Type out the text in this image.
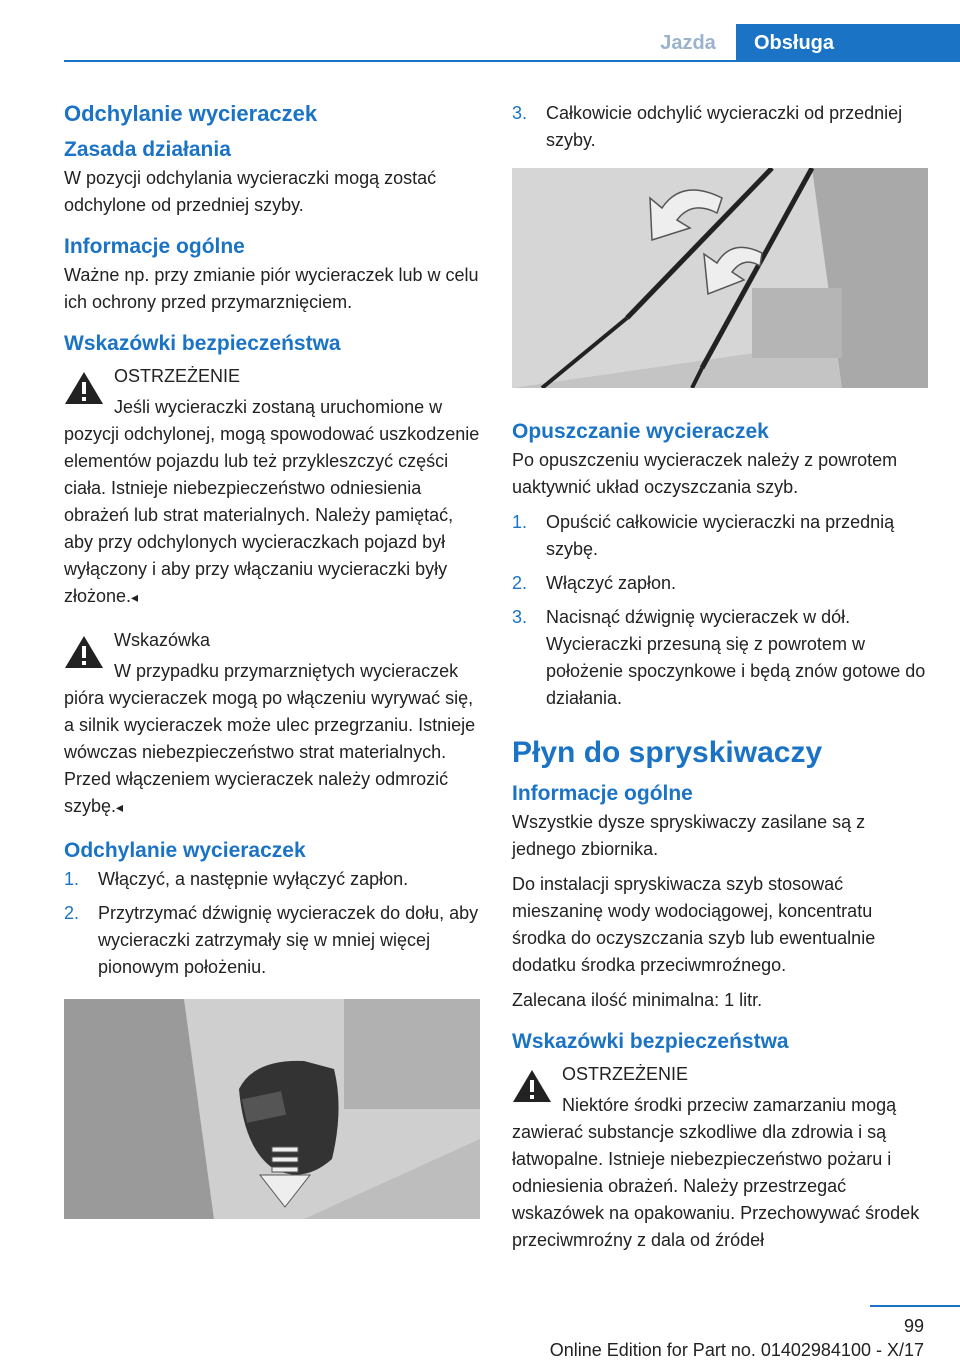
Jazda	Obsługa
Odchylanie wycieraczek
Zasada działania

W pozycji odchylania wycieraczki mogą zostać odchylone od przedniej szyby.

Informacje ogólne

Ważne np. przy zmianie piór wycieraczek lub w celu ich ochrony przed przymarznięciem.

Wskazówki bezpieczeństwa
OSTRZEŻENIE

Jeśli wycieraczki zostaną uruchomione w pozycji odchylonej, mogą spowodować uszkodzenie elementów pojazdu lub też przykleszczyć części ciała. Istnieje niebezpieczeństwo odniesienia obrażeń lub strat materialnych. Należy pamiętać, aby przy odchylonych wycieraczkach pojazd był wyłączony i aby przy włączaniu wycieraczki były złożone.◂

Wskazówka

W przypadku przymarzniętych wycieraczek pióra wycieraczek mogą po włączeniu wyrywać się, a silnik wycieraczek może ulec przegrzaniu. Istnieje wówczas niebezpieczeństwo strat materialnych. Przed włączeniem wycieraczek należy odmrozić szybę.◂

Odchylanie wycieraczek
1. Włączyć, a następnie wyłączyć zapłon.
2. Przytrzymać dźwignię wycieraczek do dołu, aby wycieraczki zatrzymały się w mniej więcej pionowym położeniu.
3. Całkowicie odchylić wycieraczki od przedniej szyby.
Opuszczanie wycieraczek

Po opuszczeniu wycieraczek należy z powrotem uaktywnić układ oczyszczania szyb.

1. Opuścić całkowicie wycieraczki na przednią szybę.
2. Włączyć zapłon.
3. Nacisnąć dźwignię wycieraczek w dół. Wycieraczki przesuną się z powrotem w położenie spoczynkowe i będą znów gotowe do działania.
Płyn do spryskiwaczy
Informacje ogólne

Wszystkie dysze spryskiwaczy zasilane są z jednego zbiornika.

Do instalacji spryskiwacza szyb stosować mieszaninę wody wodociągowej, koncentratu środka do oczyszczania szyb lub ewentualnie dodatku środka przeciwmroźnego.

Zalecana ilość minimalna: 1 litr.

Wskazówki bezpieczeństwa
OSTRZEŻENIE

Niektóre środki przeciw zamarzaniu mogą zawierać substancje szkodliwe dla zdrowia i są łatwopalne. Istnieje niebezpieczeństwo pożaru i odniesienia obrażeń. Należy przestrzegać wskazówek na opakowaniu. Przechowywać środek przeciwmroźny z dala od źródeł

99
Online Edition for Part no. 01402984100 - X/17
